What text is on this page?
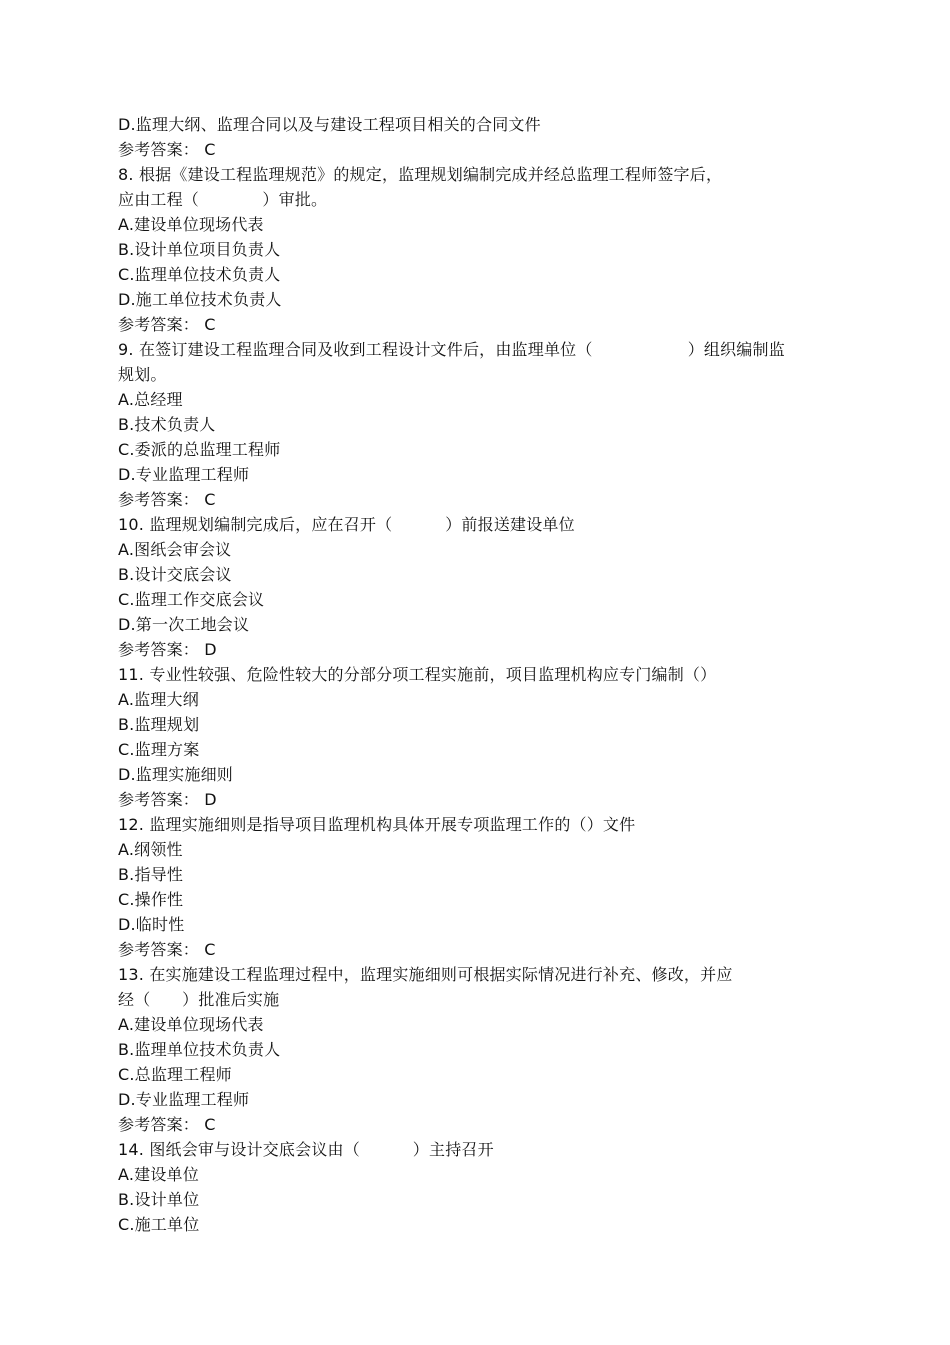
D.监理大纲、监理合同以及与建设工程项目相关的合同文件
参考答案： C
8. 根据《建设工程监理规范》的规定，监理规划编制完成并经总监理工程师签字后，
应由工程（            ）审批。
A.建设单位现场代表
B.设计单位项目负责人
C.监理单位技术负责人
D.施工单位技术负责人
参考答案： C
9. 在签订建设工程监理合同及收到工程设计文件后，由监理单位（                  ）组织编制监
规划。
A.总经理
B.技术负责人
C.委派的总监理工程师
D.专业监理工程师
参考答案： C
10. 监理规划编制完成后，应在召开（          ）前报送建设单位
A.图纸会审会议
B.设计交底会议
C.监理工作交底会议
D.第一次工地会议
参考答案： D
11. 专业性较强、危险性较大的分部分项工程实施前，项目监理机构应专门编制（）
A.监理大纲
B.监理规划
C.监理方案
D.监理实施细则
参考答案： D
12. 监理实施细则是指导项目监理机构具体开展专项监理工作的（）文件
A.纲领性
B.指导性
C.操作性
D.临时性
参考答案： C
13. 在实施建设工程监理过程中，监理实施细则可根据实际情况进行补充、修改，并应
经（      ）批准后实施
A.建设单位现场代表
B.监理单位技术负责人
C.总监理工程师
D.专业监理工程师
参考答案： C
14. 图纸会审与设计交底会议由（          ）主持召开
A.建设单位
B.设计单位
C.施工单位
